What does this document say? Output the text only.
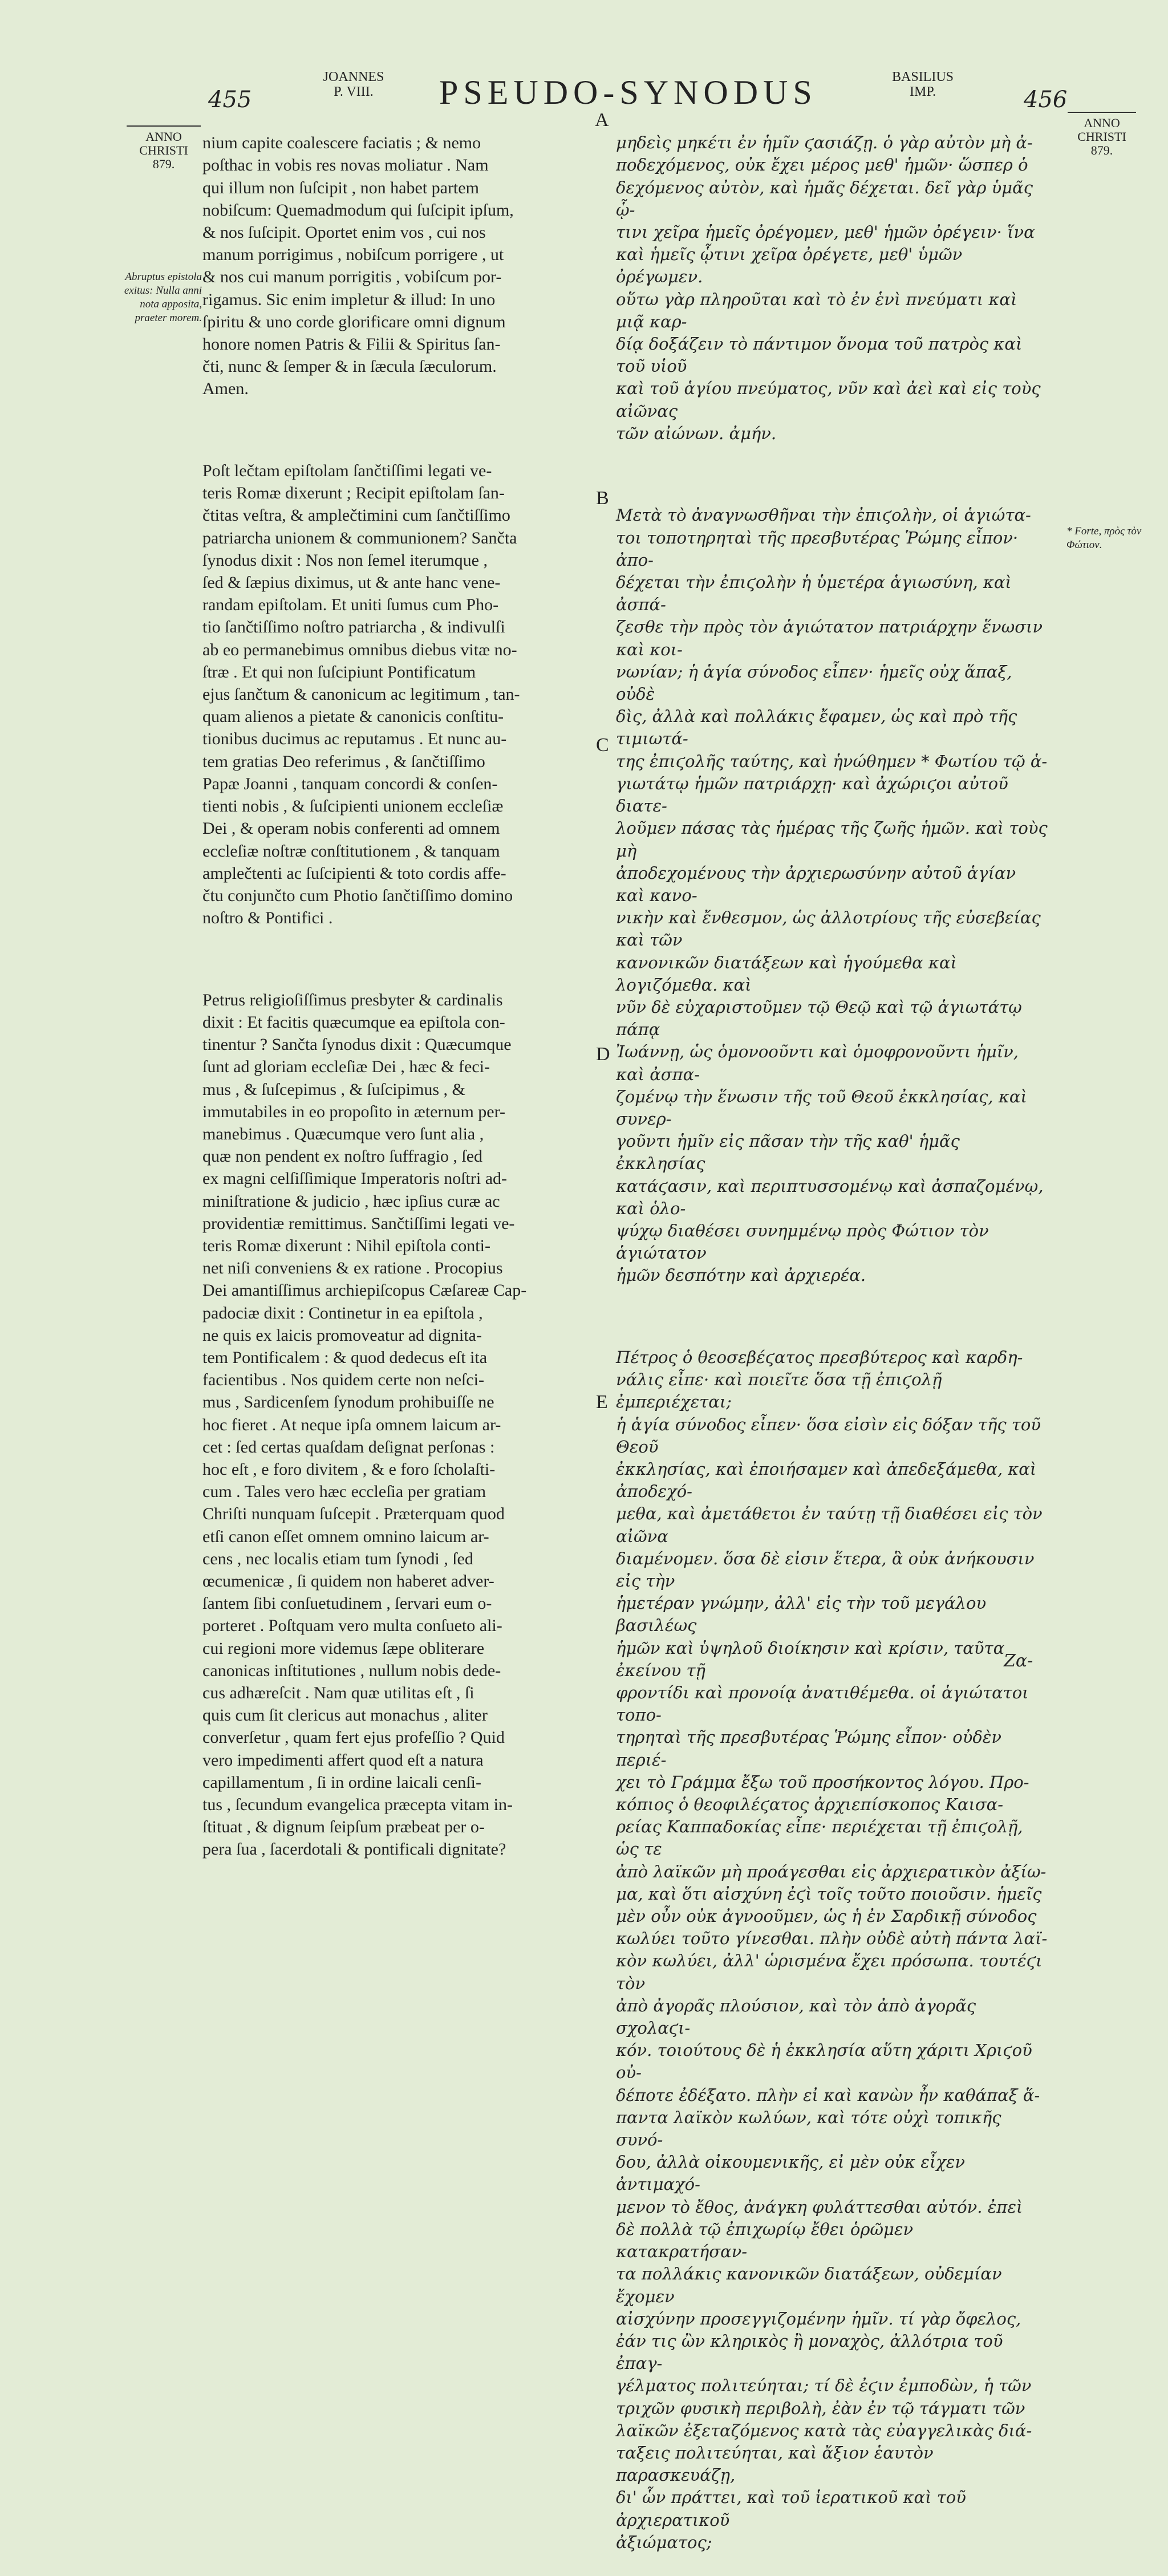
455
JOANNES
P. VIII.	PSEUDO-SYNODUS	BASILIUS
IMP.	456
ANNO
CHRISTI
879.
ANNO
CHRISTI
879.
Abruptus epistola exitus: Nulla anni nota apposita, praeter morem.
* Forte, πρὸς τὸν Φώτιον.

nium capite coalescere faciatis ; & nemo
poſthac in vobis res novas moliatur . Nam
qui illum non ſuſcipit , non habet partem
nobiſcum: Quemadmodum qui ſuſcipit ipſum,
& nos ſuſcipit. Oportet enim vos , cui nos
manum porrigimus , nobiſcum porrigere , ut
& nos cui manum porrigitis , vobiſcum por-
rigamus. Sic enim impletur & illud: In uno
ſpiritu & uno corde glorificare omni dignum
honore nomen Patris & Filii & Spiritus ſan-
čti, nunc & ſemper & in ſæcula ſæculorum.
Amen.

Poſt lečtam epiſtolam ſančtiſſimi legati ve-
teris Romæ dixerunt ; Recipit epiſtolam ſan-
čtitas veſtra, & amplečtimini cum ſančtiſſimo
patriarcha unionem & communionem? Sančta
ſynodus dixit : Nos non ſemel iterumque ,
ſed & ſæpius diximus, ut & ante hanc vene-
randam epiſtolam. Et uniti ſumus cum Pho-
tio ſančtiſſimo noſtro patriarcha , & indivulſi
ab eo permanebimus omnibus diebus vitæ no-
ſtræ . Et qui non ſuſcipiunt Pontificatum
ejus ſančtum & canonicum ac legitimum , tan-
quam alienos a pietate & canonicis conſtitu-
tionibus ducimus ac reputamus . Et nunc au-
tem gratias Deo referimus , & ſančtiſſimo
Papæ Joanni , tanquam concordi & conſen-
tienti nobis , & ſuſcipienti unionem eccleſiæ
Dei , & operam nobis conferenti ad omnem
eccleſiæ noſtræ conſtitutionem , & tanquam
amplečtenti ac ſuſcipienti & toto cordis affe-
čtu conjunčto cum Photio ſančtiſſimo domino
noſtro & Pontifici .

Petrus religioſiſſimus presbyter & cardinalis
dixit : Et facitis quæcumque ea epiſtola con-
tinentur ? Sančta ſynodus dixit : Quæcumque
ſunt ad gloriam eccleſiæ Dei , hæc & feci-
mus , & ſuſcepimus , & ſuſcipimus , &
immutabiles in eo propoſito in æternum per-
manebimus . Quæcumque vero ſunt alia ,
quæ non pendent ex noſtro ſuffragio , ſed
ex magni celſiſſimique Imperatoris noſtri ad-
miniſtratione & judicio , hæc ipſius curæ ac
providentiæ remittimus. Sančtiſſimi legati ve-
teris Romæ dixerunt : Nihil epiſtola conti-
net niſi conveniens & ex ratione . Procopius
Dei amantiſſimus archiepiſcopus Cæſareæ Cap-
padociæ dixit : Continetur in ea epiſtola ,
ne quis ex laicis promoveatur ad dignita-
tem Pontificalem : & quod dedecus eſt ita
facientibus . Nos quidem certe non neſci-
mus , Sardicenſem ſynodum prohibuiſſe ne
hoc fieret . At neque ipſa omnem laicum ar-
cet : ſed certas quaſdam deſignat perſonas :
hoc eſt , e foro divitem , & e foro ſcholaſti-
cum . Tales vero hæc eccleſia per gratiam
Chriſti nunquam ſuſcepit . Præterquam quod
etſi canon eſſet omnem omnino laicum ar-
cens , nec localis etiam tum ſynodi , ſed
œcumenicæ , ſi quidem non haberet adver-
ſantem ſibi conſuetudinem , ſervari eum o-
porteret . Poſtquam vero multa conſueto ali-
cui regioni more videmus ſæpe obliterare
canonicas inſtitutiones , nullum nobis dede-
cus adhæreſcit . Nam quæ utilitas eſt , ſi
quis cum ſit clericus aut monachus , aliter
converſetur , quam fert ejus profeſſio ? Quid
vero impedimenti affert quod eſt a natura
capillamentum , ſi in ordine laicali cenſi-
tus , ſecundum evangelica præcepta vitam in-
ſtituat , & dignum ſeipſum præbeat per o-
pera ſua , ſacerdotali & pontificali dignitate?

A
B
C
D
E

μηδεὶς μηκέτι ἐν ἡμῖν ϛασιάζῃ. ὁ γὰρ αὐτὸν μὴ ἀ-
ποδεχόμενος, οὐκ ἔχει μέρος μεθ' ἡμῶν· ὥσπερ ὁ
δεχόμενος αὐτὸν, καὶ ἡμᾶς δέχεται. δεῖ γὰρ ὑμᾶς ᾧ-
τινι χεῖρα ἡμεῖς ὀρέγομεν, μεθ' ἡμῶν ὀρέγειν· ἵνα
καὶ ἡμεῖς ᾧτινι χεῖρα ὀρέγετε, μεθ' ὑμῶν ὀρέγωμεν.
οὕτω γὰρ πληροῦται καὶ τὸ ἐν ἑνὶ πνεύματι καὶ μιᾷ καρ-
δίᾳ δοξάζειν τὸ πάντιμον ὄνομα τοῦ πατρὸς καὶ τοῦ υἱοῦ
καὶ τοῦ ἁγίου πνεύματος, νῦν καὶ ἀεὶ καὶ εἰς τοὺς αἰῶνας
τῶν αἰώνων. ἀμήν.

Μετὰ τὸ ἀναγνωσθῆναι τὴν ἐπιϛολὴν, οἱ ἁγιώτα-
τοι τοποτηρηταὶ τῆς πρεσβυτέρας Ῥώμης εἶπον· ἀπο-
δέχεται τὴν ἐπιϛολὴν ἡ ὑμετέρα ἁγιωσύνη, καὶ ἀσπά-
ζεσθε τὴν πρὸς τὸν ἁγιώτατον πατριάρχην ἕνωσιν καὶ κοι-
νωνίαν; ἡ ἁγία σύνοδος εἶπεν· ἡμεῖς οὐχ ἅπαξ, οὐδὲ
δὶς, ἀλλὰ καὶ πολλάκις ἔφαμεν, ὡς καὶ πρὸ τῆς τιμιωτά-
της ἐπιϛολῆς ταύτης, καὶ ἡνώθημεν * Φωτίου τῷ ἁ-
γιωτάτῳ ἡμῶν πατριάρχῃ· καὶ ἀχώριϛοι αὐτοῦ διατε-
λοῦμεν πάσας τὰς ἡμέρας τῆς ζωῆς ἡμῶν. καὶ τοὺς μὴ
ἀποδεχομένους τὴν ἀρχιερωσύνην αὐτοῦ ἁγίαν καὶ κανο-
νικὴν καὶ ἔνθεσμον, ὡς ἀλλοτρίους τῆς εὐσεβείας καὶ τῶν
κανονικῶν διατάξεων καὶ ἡγούμεθα καὶ λογιζόμεθα. καὶ
νῦν δὲ εὐχαριστοῦμεν τῷ Θεῷ καὶ τῷ ἁγιωτάτῳ πάπᾳ
Ἰωάννῃ, ὡς ὁμονοοῦντι καὶ ὁμοφρονοῦντι ἡμῖν, καὶ ἀσπα-
ζομένῳ τὴν ἕνωσιν τῆς τοῦ Θεοῦ ἐκκλησίας, καὶ συνερ-
γοῦντι ἡμῖν εἰς πᾶσαν τὴν τῆς καθ' ἡμᾶς ἐκκλησίας
κατάϛασιν, καὶ περιπτυσσομένῳ καὶ ἀσπαζομένῳ, καὶ ὁλο-
ψύχῳ διαθέσει συνημμένῳ πρὸς Φώτιον τὸν ἁγιώτατον
ἡμῶν δεσπότην καὶ ἀρχιερέα.

Πέτρος ὁ θεοσεβέϛατος πρεσβύτερος καὶ καρδη-
νάλις εἶπε· καὶ ποιεῖτε ὅσα τῇ ἐπιϛολῇ ἐμπεριέχεται;
ἡ ἁγία σύνοδος εἶπεν· ὅσα εἰσὶν εἰς δόξαν τῆς τοῦ Θεοῦ
ἐκκλησίας, καὶ ἐποιήσαμεν καὶ ἀπεδεξάμεθα, καὶ ἀποδεχό-
μεθα, καὶ ἀμετάθετοι ἐν ταύτῃ τῇ διαθέσει εἰς τὸν αἰῶνα
διαμένομεν. ὅσα δὲ εἰσιν ἕτερα, ἃ οὐκ ἀνήκουσιν εἰς τὴν
ἡμετέραν γνώμην, ἀλλ' εἰς τὴν τοῦ μεγάλου βασιλέως
ἡμῶν καὶ ὑψηλοῦ διοίκησιν καὶ κρίσιν, ταῦτα ἐκείνου τῇ
φροντίδι καὶ προνοίᾳ ἀνατιθέμεθα. οἱ ἁγιώτατοι τοπο-
τηρηταὶ τῆς πρεσβυτέρας Ῥώμης εἶπον· οὐδὲν περιέ-
χει τὸ Γράμμα ἔξω τοῦ προσήκοντος λόγου. Προ-
κόπιος ὁ θεοφιλέϛατος ἀρχιεπίσκοπος Καισα-
ρείας Καππαδοκίας εἶπε· περιέχεται τῇ ἐπιϛολῇ, ὡς τε
ἀπὸ λαϊκῶν μὴ προάγεσθαι εἰς ἀρχιερατικὸν ἀξίω-
μα, καὶ ὅτι αἰσχύνη ἐϛὶ τοῖς τοῦτο ποιοῦσιν. ἡμεῖς
μὲν οὖν οὐκ ἀγνοοῦμεν, ὡς ἡ ἐν Σαρδικῇ σύνοδος
κωλύει τοῦτο γίνεσθαι. πλὴν οὐδὲ αὐτὴ πάντα λαϊ-
κὸν κωλύει, ἀλλ' ὡρισμένα ἔχει πρόσωπα. τουτέϛι τὸν
ἀπὸ ἀγορᾶς πλούσιον, καὶ τὸν ἀπὸ ἀγορᾶς σχολαϛι-
κόν. τοιούτους δὲ ἡ ἐκκλησία αὕτη χάριτι Χριϛοῦ οὐ-
δέποτε ἐδέξατο. πλὴν εἰ καὶ κανὼν ἦν καθάπαξ ἅ-
παντα λαϊκὸν κωλύων, καὶ τότε οὐχὶ τοπικῆς συνό-
δου, ἀλλὰ οἰκουμενικῆς, εἰ μὲν οὐκ εἶχεν ἀντιμαχό-
μενον τὸ ἔθος, ἀνάγκη φυλάττεσθαι αὐτόν. ἐπεὶ
δὲ πολλὰ τῷ ἐπιχωρίῳ ἔθει ὁρῶμεν κατακρατήσαν-
τα πολλάκις κανονικῶν διατάξεων, οὐδεμίαν ἔχομεν
αἰσχύνην προσεγγιζομένην ἡμῖν. τί γὰρ ὄφελος,
ἐάν τις ὢν κληρικὸς ἢ μοναχὸς, ἀλλότρια τοῦ ἐπαγ-
γέλματος πολιτεύηται; τί δὲ ἐϛιν ἐμποδὼν, ἡ τῶν
τριχῶν φυσικὴ περιβολὴ, ἐὰν ἐν τῷ τάγματι τῶν
λαϊκῶν ἐξεταζόμενος κατὰ τὰς εὐαγγελικὰς διά-
ταξεις πολιτεύηται, καὶ ἄξιον ἑαυτὸν παρασκευάζῃ,
δι' ὧν πράττει, καὶ τοῦ ἱερατικοῦ καὶ τοῦ ἀρχιερατικοῦ
ἀξιώματος;

Ζα-
